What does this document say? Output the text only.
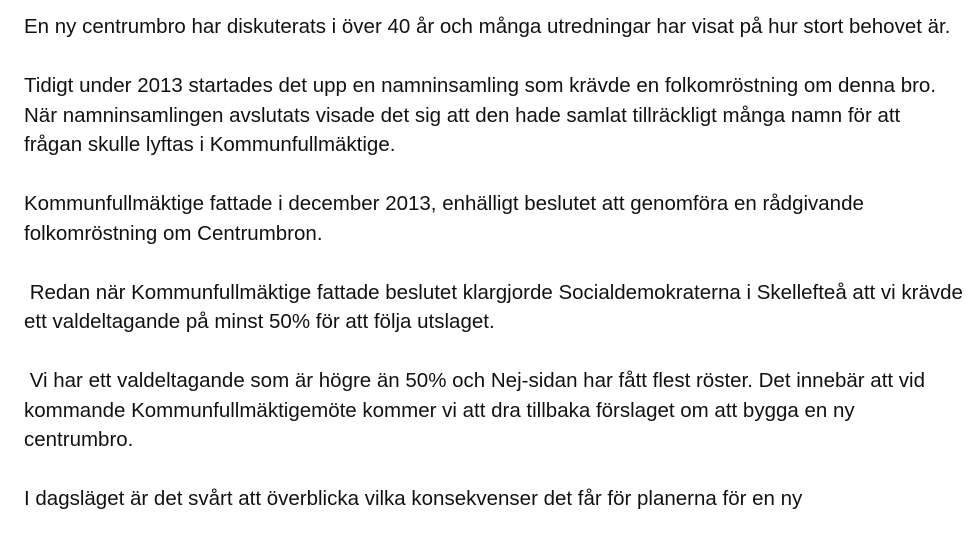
En ny centrumbro har diskuterats i över 40 år och många utredningar har visat på hur stort behovet är.

Tidigt under 2013 startades det upp en namninsamling som krävde en folkomröstning om denna bro. När namninsamlingen avslutats visade det sig att den hade samlat tillräckligt många namn för att frågan skulle lyftas i Kommunfullmäktige.

Kommunfullmäktige fattade i december 2013, enhälligt beslutet att genomföra en rådgivande folkomröstning om Centrumbron.

Redan när Kommunfullmäktige fattade beslutet klargjorde Socialdemokraterna i Skellefteå att vi krävde ett valdeltagande på minst 50% för att följa utslaget.

Vi har ett valdeltagande som är högre än 50% och Nej-sidan har fått flest röster. Det innebär att vid kommande Kommunfullmäktigemöte kommer vi att dra tillbaka förslaget om att bygga en ny centrumbro.

I dagsläget är det svårt att överblicka vilka konsekvenser det får för planerna för en ny
